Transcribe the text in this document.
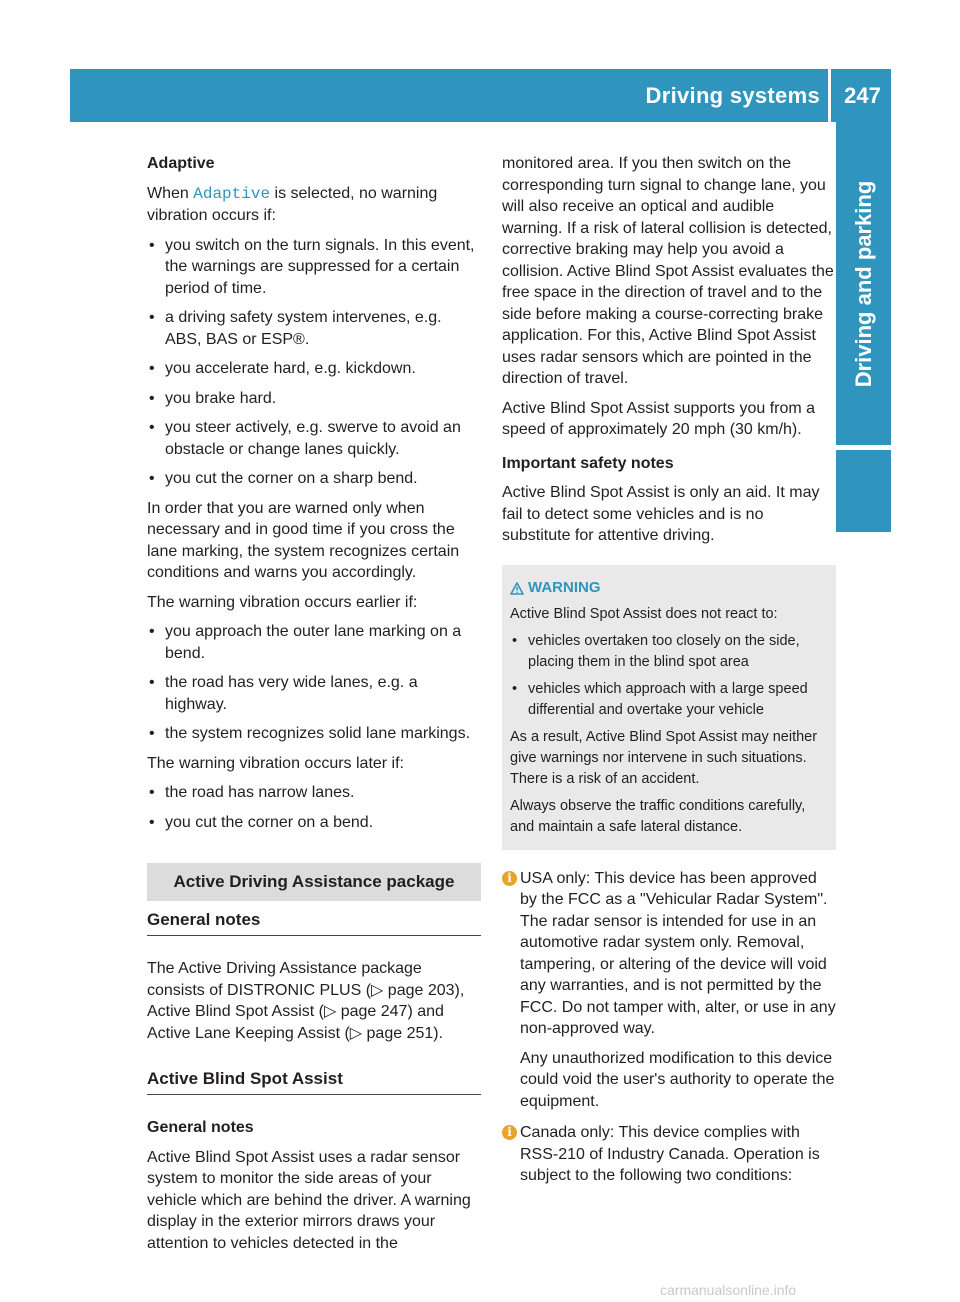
Driving systems	247
Driving and parking

Adaptive

When Adaptive is selected, no warning vibration occurs if:

• you switch on the turn signals. In this event, the warnings are suppressed for a certain period of time.
• a driving safety system intervenes, e.g. ABS, BAS or ESP®.
• you accelerate hard, e.g. kickdown.
• you brake hard.
• you steer actively, e.g. swerve to avoid an obstacle or change lanes quickly.
• you cut the corner on a sharp bend.

In order that you are warned only when necessary and in good time if you cross the lane marking, the system recognizes certain conditions and warns you accordingly.

The warning vibration occurs earlier if:

• you approach the outer lane marking on a bend.
• the road has very wide lanes, e.g. a highway.
• the system recognizes solid lane markings.

The warning vibration occurs later if:

• the road has narrow lanes.
• you cut the corner on a bend.
Active Driving Assistance package
General notes

The Active Driving Assistance package consists of DISTRONIC PLUS (▷ page 203), Active Blind Spot Assist (▷ page 247) and Active Lane Keeping Assist (▷ page 251).

Active Blind Spot Assist

General notes

Active Blind Spot Assist uses a radar sensor system to monitor the side areas of your vehicle which are behind the driver. A warning display in the exterior mirrors draws your attention to vehicles detected in the

monitored area. If you then switch on the corresponding turn signal to change lane, you will also receive an optical and audible warning. If a risk of lateral collision is detected, corrective braking may help you avoid a collision. Active Blind Spot Assist evaluates the free space in the direction of travel and to the side before making a course-correcting brake application. For this, Active Blind Spot Assist uses radar sensors which are pointed in the direction of travel.

Active Blind Spot Assist supports you from a speed of approximately 20 mph (30 km/h).

Important safety notes

Active Blind Spot Assist is only an aid. It may fail to detect some vehicles and is no substitute for attentive driving.

WARNING

Active Blind Spot Assist does not react to:

• vehicles overtaken too closely on the side, placing them in the blind spot area
• vehicles which approach with a large speed differential and overtake your vehicle

As a result, Active Blind Spot Assist may neither give warnings nor intervene in such situations. There is a risk of an accident.

Always observe the traffic conditions carefully, and maintain a safe lateral distance.

i USA only: This device has been approved by the FCC as a "Vehicular Radar System". The radar sensor is intended for use in an automotive radar system only. Removal, tampering, or altering of the device will void any warranties, and is not permitted by the FCC. Do not tamper with, alter, or use in any non-approved way.

Any unauthorized modification to this device could void the user's authority to operate the equipment.

i Canada only: This device complies with RSS-210 of Industry Canada. Operation is subject to the following two conditions:

carmanualsonline.info
